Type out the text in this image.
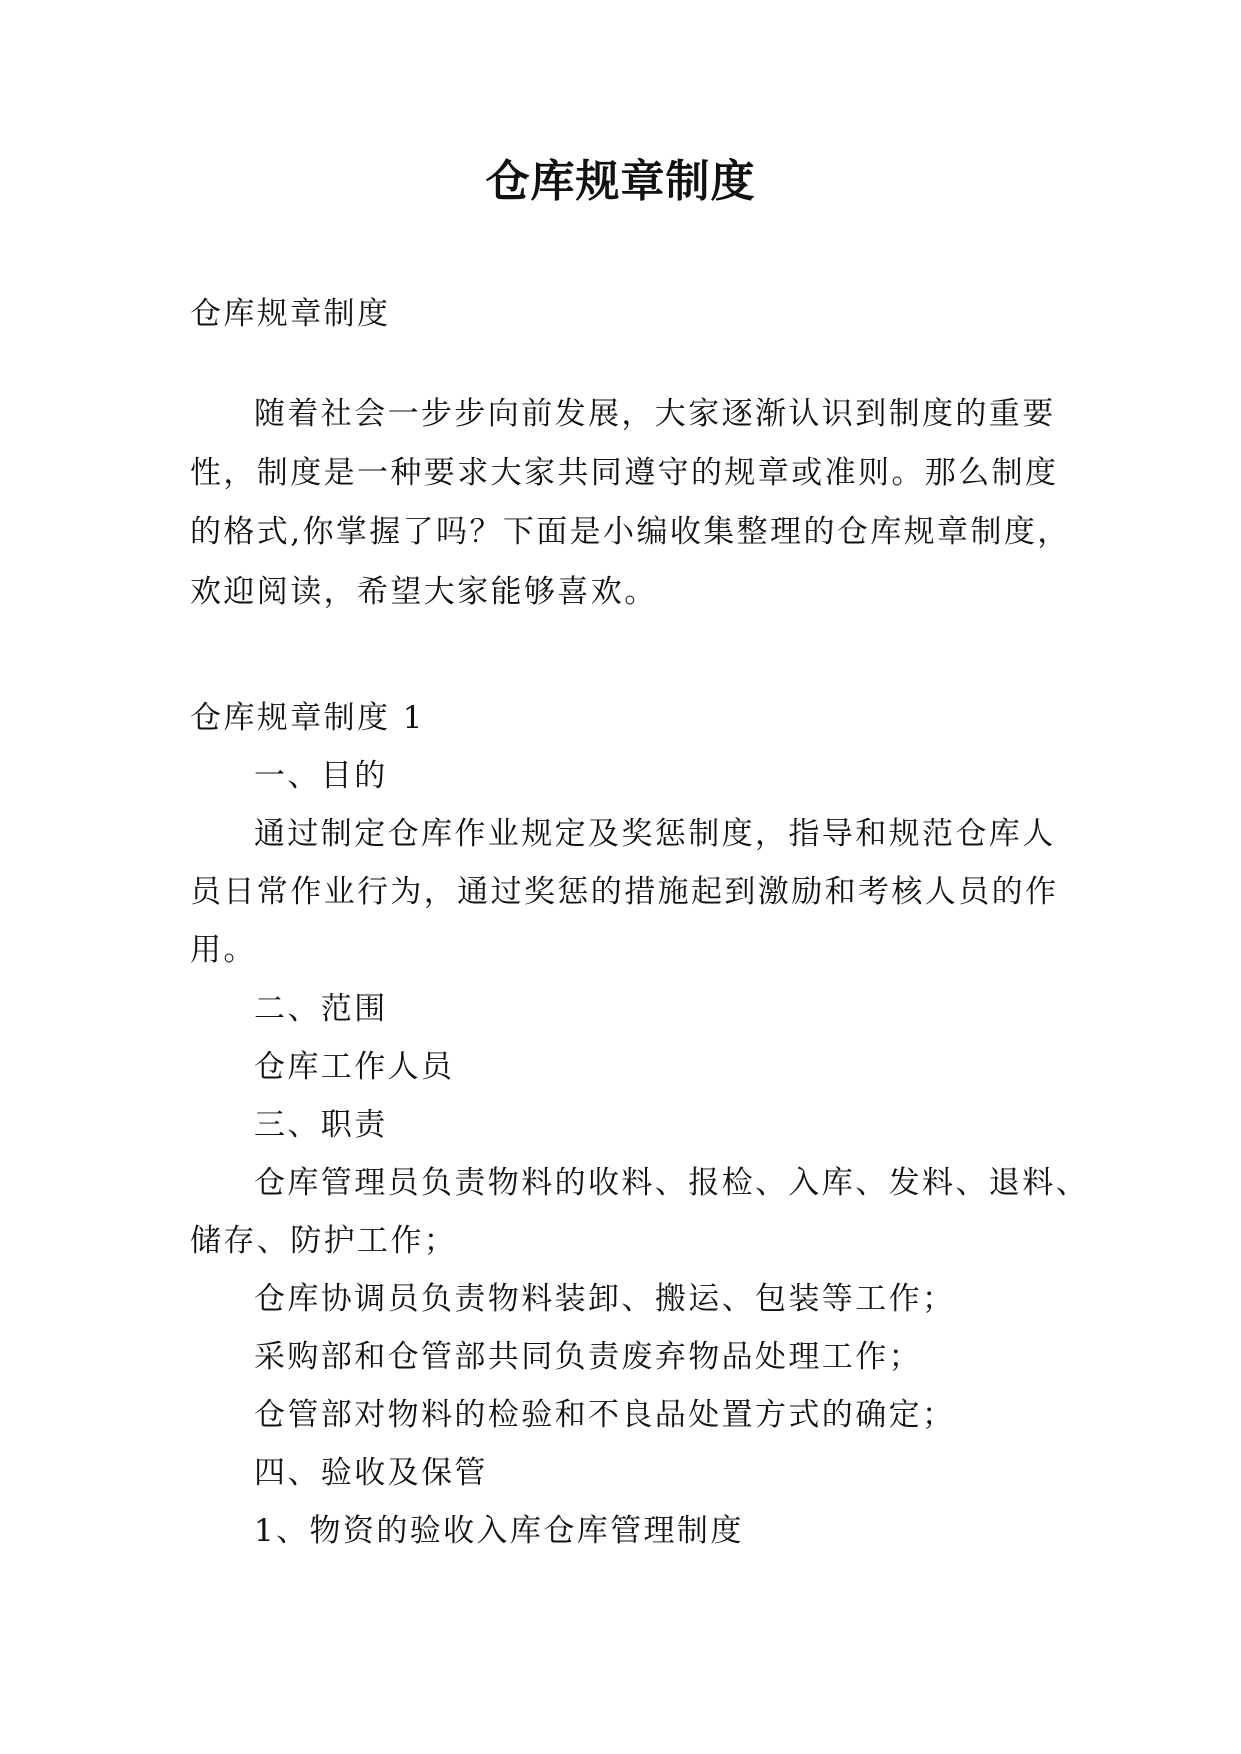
仓库规章制度
仓库规章制度
随着社会一步步向前发展，大家逐渐认识到制度的重要
性，制度是一种要求大家共同遵守的规章或准则。那么制度
的格式,你掌握了吗？下面是小编收集整理的仓库规章制度，
欢迎阅读，希望大家能够喜欢。
仓库规章制度 1
一、目的
通过制定仓库作业规定及奖惩制度，指导和规范仓库人
员日常作业行为，通过奖惩的措施起到激励和考核人员的作
用。
二、范围
仓库工作人员
三、职责
仓库管理员负责物料的收料、报检、入库、发料、退料、
储存、防护工作；
仓库协调员负责物料装卸、搬运、包装等工作；
采购部和仓管部共同负责废弃物品处理工作；
仓管部对物料的检验和不良品处置方式的确定；
四、验收及保管
1、物资的验收入库仓库管理制度
